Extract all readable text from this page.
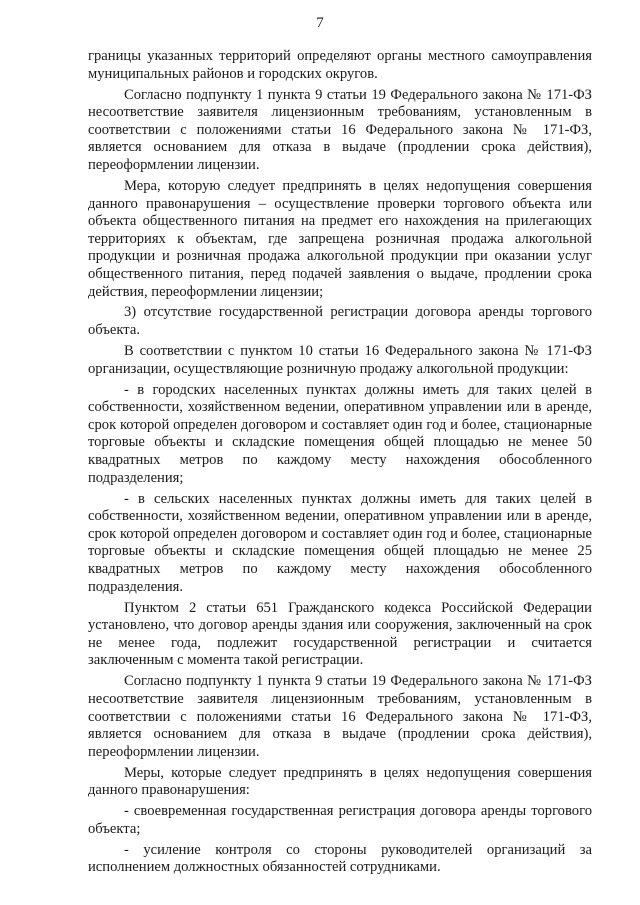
7

границы указанных территорий определяют органы местного самоуправления муниципальных районов и городских округов.

Согласно подпункту 1 пункта 9 статьи 19 Федерального закона № 171-ФЗ несоответствие заявителя лицензионным требованиям, установленным в соответствии с положениями статьи 16 Федерального закона № 171-ФЗ, является основанием для отказа в выдаче (продлении срока действия), переоформлении лицензии.

Мера, которую следует предпринять в целях недопущения совершения данного правонарушения – осуществление проверки торгового объекта или объекта общественного питания на предмет его нахождения на прилегающих территориях к объектам, где запрещена розничная продажа алкогольной продукции и розничная продажа алкогольной продукции при оказании услуг общественного питания, перед подачей заявления о выдаче, продлении срока действия, переоформлении лицензии;

3) отсутствие государственной регистрации договора аренды торгового объекта.

В соответствии с пунктом 10 статьи 16 Федерального закона № 171-ФЗ организации, осуществляющие розничную продажу алкогольной продукции:

- в городских населенных пунктах должны иметь для таких целей в собственности, хозяйственном ведении, оперативном управлении или в аренде, срок которой определен договором и составляет один год и более, стационарные торговые объекты и складские помещения общей площадью не менее 50 квадратных метров по каждому месту нахождения обособленного подразделения;

- в сельских населенных пунктах должны иметь для таких целей в собственности, хозяйственном ведении, оперативном управлении или в аренде, срок которой определен договором и составляет один год и более, стационарные торговые объекты и складские помещения общей площадью не менее 25 квадратных метров по каждому месту нахождения обособленного подразделения.

Пунктом 2 статьи 651 Гражданского кодекса Российской Федерации установлено, что договор аренды здания или сооружения, заключенный на срок не менее года, подлежит государственной регистрации и считается заключенным с момента такой регистрации.

Согласно подпункту 1 пункта 9 статьи 19 Федерального закона № 171-ФЗ несоответствие заявителя лицензионным требованиям, установленным в соответствии с положениями статьи 16 Федерального закона № 171-ФЗ, является основанием для отказа в выдаче (продлении срока действия), переоформлении лицензии.

Меры, которые следует предпринять в целях недопущения совершения данного правонарушения:

- своевременная государственная регистрация договора аренды торгового объекта;

- усиление контроля со стороны руководителей организаций за исполнением должностных обязанностей сотрудниками.
